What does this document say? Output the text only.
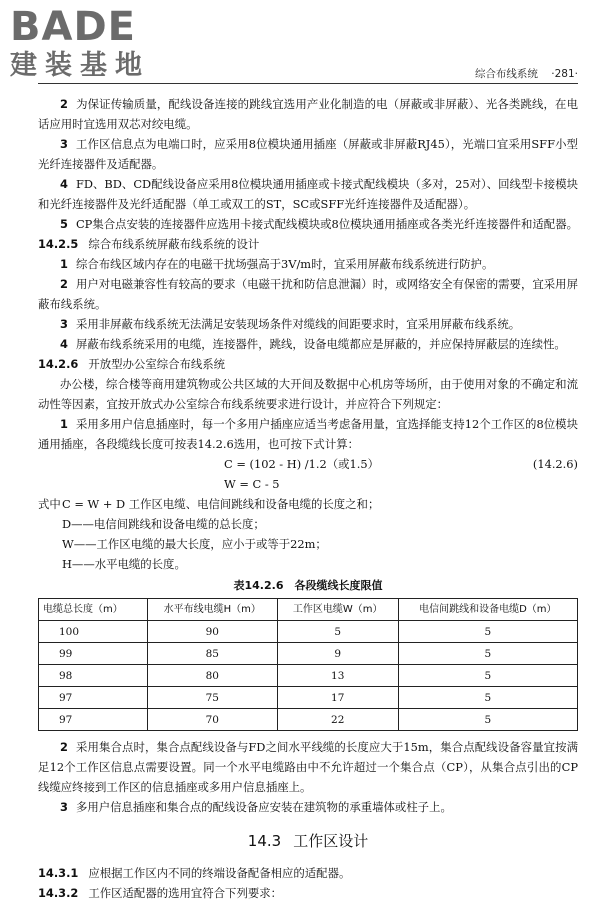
BADE
建装基地	综合布线系统 ·281·

2 为保证传输质量，配线设备连接的跳线宜选用产业化制造的电（屏蔽或非屏蔽）、光各类跳线，在电话应用时宜选用双芯对绞电缆。

3 工作区信息点为电端口时，应采用8位模块通用插座（屏蔽或非屏蔽RJ45），光端口宜采用SFF小型光纤连接器件及适配器。

4 FD、BD、CD配线设备应采用8位模块通用插座或卡接式配线模块（多对，25对）、回线型卡接模块和光纤连接器件及光纤适配器（单工或双工的ST，SC或SFF光纤连接器件及适配器）。

5 CP集合点安装的连接器件应选用卡接式配线模块或8位模块通用插座或各类光纤连接器件和适配器。

14.2.5 综合布线系统屏蔽布线系统的设计

1 综合布线区域内存在的电磁干扰场强高于3V/m时，宜采用屏蔽布线系统进行防护。

2 用户对电磁兼容性有较高的要求（电磁干扰和防信息泄漏）时，或网络安全有保密的需要，宜采用屏蔽布线系统。

3 采用非屏蔽布线系统无法满足安装现场条件对缆线的间距要求时，宜采用屏蔽布线系统。

4 屏蔽布线系统采用的电缆，连接器件，跳线，设备电缆都应是屏蔽的，并应保持屏蔽层的连续性。

14.2.6 开放型办公室综合布线系统

办公楼，综合楼等商用建筑物或公共区域的大开间及数据中心机房等场所，由于使用对象的不确定和流动性等因素，宜按开放式办公室综合布线系统要求进行设计，并应符合下列规定：

1 采用多用户信息插座时，每一个多用户插座应适当考虑备用量，宜选择能支持12个工作区的8位模块通用插座，各段缆线长度可按表14.2.6选用，也可按下式计算：

C = (102 - H) /1.2（或1.5）	(14.2.6)
W = C - 5
式中 C = W + D 工作区电缆、电信间跳线和设备电缆的长度之和；
D——电信间跳线和设备电缆的总长度；
W——工作区电缆的最大长度，应小于或等于22m；
H——水平电缆的长度。
表14.2.6　各段缆线长度限值
电缆总长度（m）	水平布线电缆H（m）	工作区电缆W（m）	电信间跳线和设备电缆D（m）
100	90	5	5
99	85	9	5
98	80	13	5
97	75	17	5
97	70	22	5

2 采用集合点时，集合点配线设备与FD之间水平线缆的长度应大于15m，集合点配线设备容量宜按满足12个工作区信息点需要设置。同一个水平电缆路由中不允许超过一个集合点（CP），从集合点引出的CP线缆应终接到工作区的信息插座或多用户信息插座上。

3 多用户信息插座和集合点的配线设备应安装在建筑物的承重墙体或柱子上。

14.3 工作区设计

14.3.1 应根据工作区内不同的终端设备配备相应的适配器。

14.3.2 工作区适配器的选用宜符合下列要求：
